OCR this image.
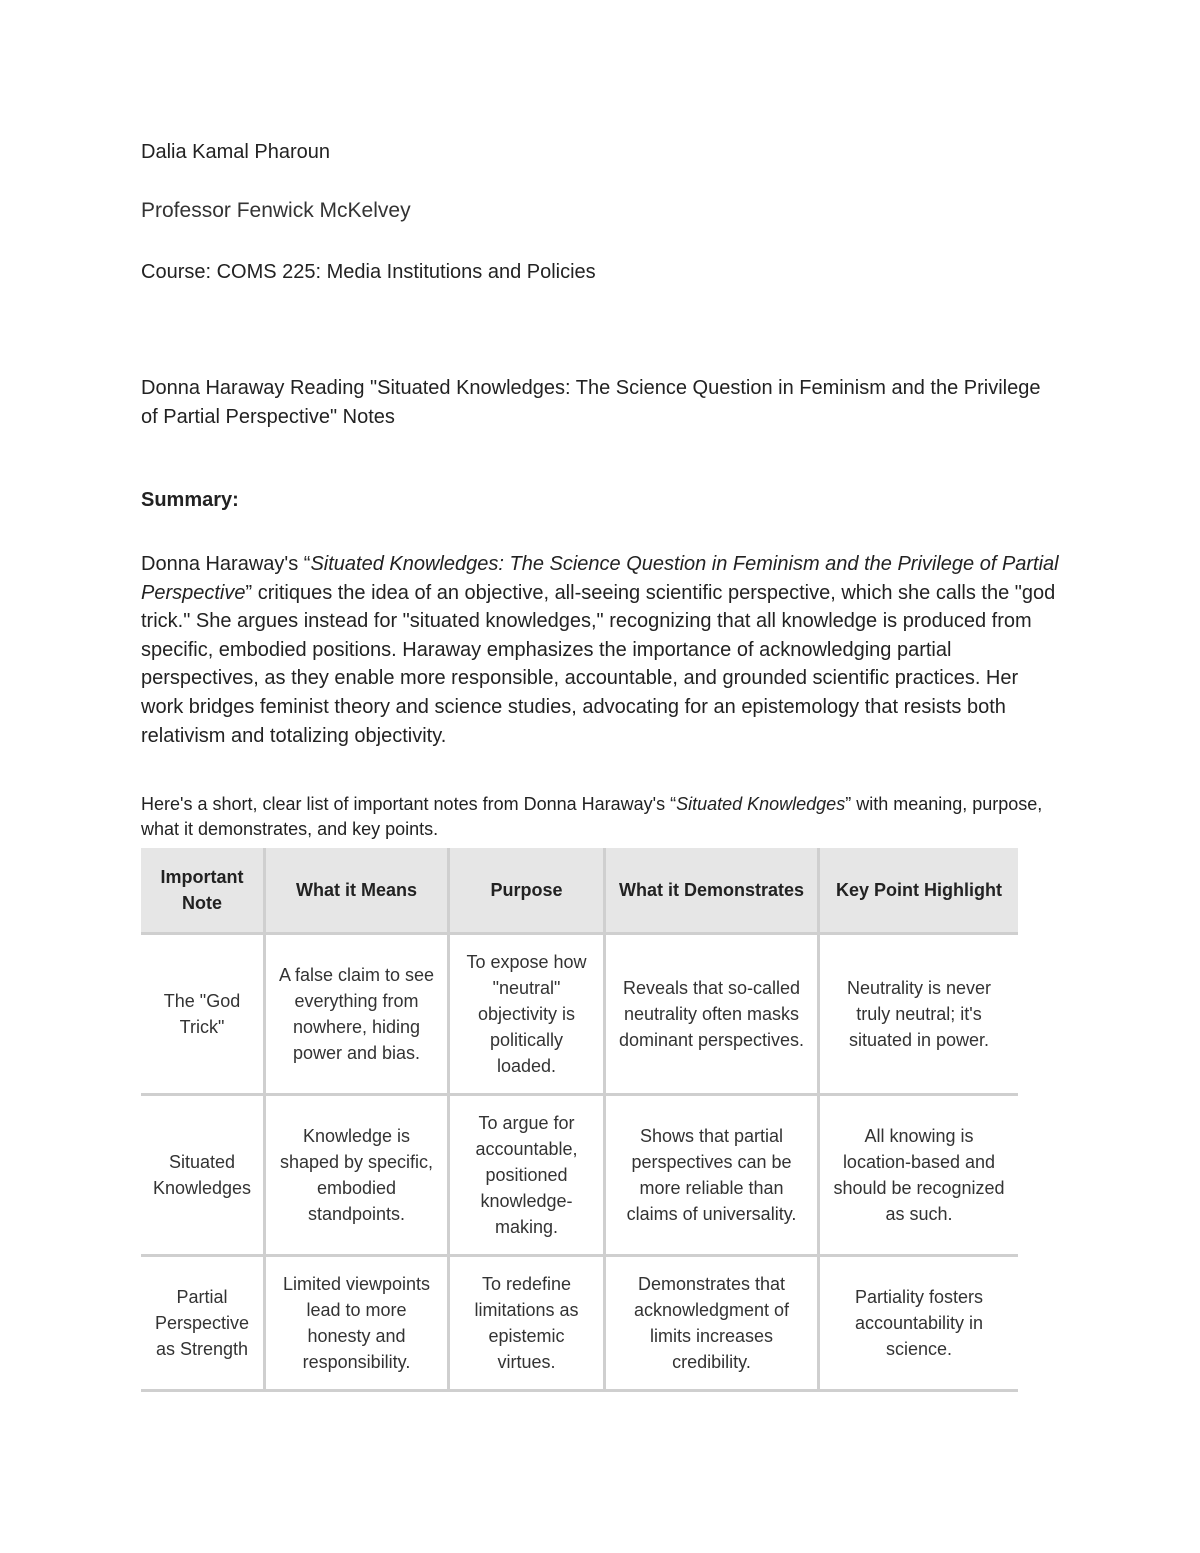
Dalia Kamal Pharoun

Professor Fenwick McKelvey

Course: COMS 225: Media Institutions and Policies

Donna Haraway Reading "Situated Knowledges: The Science Question in Feminism and the Privilege of Partial Perspective" Notes

Summary:

Donna Haraway's “Situated Knowledges: The Science Question in Feminism and the Privilege of Partial Perspective” critiques the idea of an objective, all-seeing scientific perspective, which she calls the "god trick." She argues instead for "situated knowledges," recognizing that all knowledge is produced from specific, embodied positions. Haraway emphasizes the importance of acknowledging partial perspectives, as they enable more responsible, accountable, and grounded scientific practices. Her work bridges feminist theory and science studies, advocating for an epistemology that resists both relativism and totalizing objectivity.

Here's a short, clear list of important notes from Donna Haraway's “Situated Knowledges” with meaning, purpose, what it demonstrates, and key points.

Important Note	What it Means	Purpose	What it Demonstrates	Key Point Highlight
The "God Trick"	A false claim to see everything from nowhere, hiding power and bias.	To expose how "neutral" objectivity is politically loaded.	Reveals that so-called neutrality often masks dominant perspectives.	Neutrality is never truly neutral; it's situated in power.
Situated Knowledges	Knowledge is shaped by specific, embodied standpoints.	To argue for accountable, positioned knowledge-making.	Shows that partial perspectives can be more reliable than claims of universality.	All knowing is location-based and should be recognized as such.
Partial Perspective as Strength	Limited viewpoints lead to more honesty and responsibility.	To redefine limitations as epistemic virtues.	Demonstrates that acknowledgment of limits increases credibility.	Partiality fosters accountability in science.
